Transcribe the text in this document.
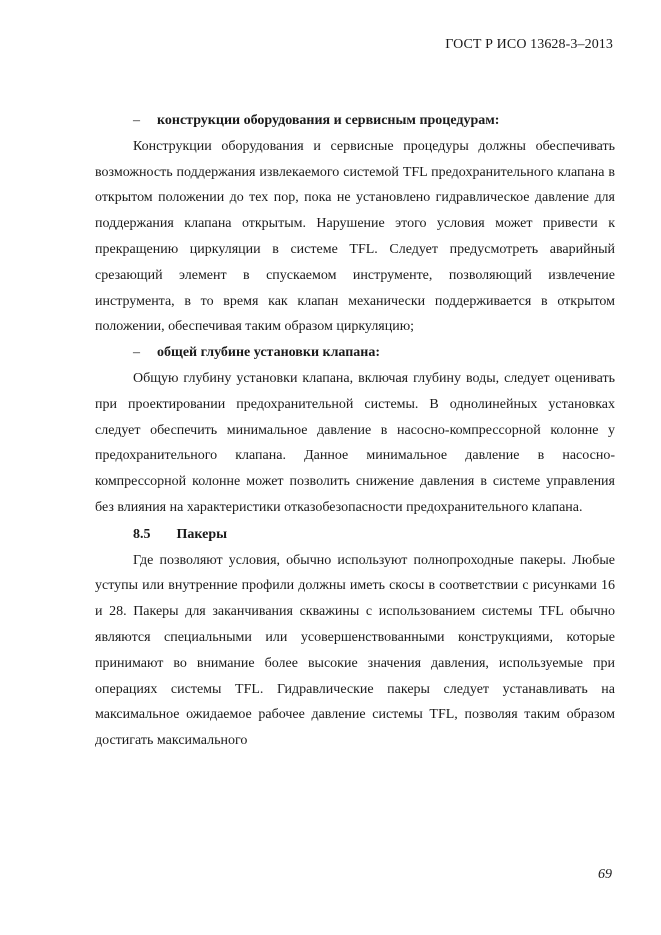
ГОСТ Р ИСО 13628-3–2013
– конструкции оборудования и сервисным процедурам:

Конструкции оборудования и сервисные процедуры должны обеспечивать возможность поддержания извлекаемого системой TFL предохранительного клапана в открытом положении до тех пор, пока не установлено гидравлическое давление для поддержания клапана открытым. Нарушение этого условия может привести к прекращению циркуляции в системе TFL. Следует предусмотреть аварийный срезающий элемент в спускаемом инструменте, позволяющий извлечение инструмента, в то время как клапан механически поддерживается в открытом положении, обеспечивая таким образом циркуляцию;

– общей глубине установки клапана:

Общую глубину установки клапана, включая глубину воды, следует оценивать при проектировании предохранительной системы. В однолинейных установках следует обеспечить минимальное давление в насосно-компрессорной колонне у предохранительного клапана. Данное минимальное давление в насосно-компрессорной колонне может позволить снижение давления в системе управления без влияния на характеристики отказобезопасности предохранительного клапана.

8.5 Пакеры

Где позволяют условия, обычно используют полнопроходные пакеры. Любые уступы или внутренние профили должны иметь скосы в соответствии с рисунками 16 и 28. Пакеры для заканчивания скважины с использованием системы TFL обычно являются специальными или усовершенствованными конструкциями, которые принимают во внимание более высокие значения давления, используемые при операциях системы TFL. Гидравлические пакеры следует устанавливать на максимальное ожидаемое рабочее давление системы TFL, позволяя таким образом достигать максимального

69
